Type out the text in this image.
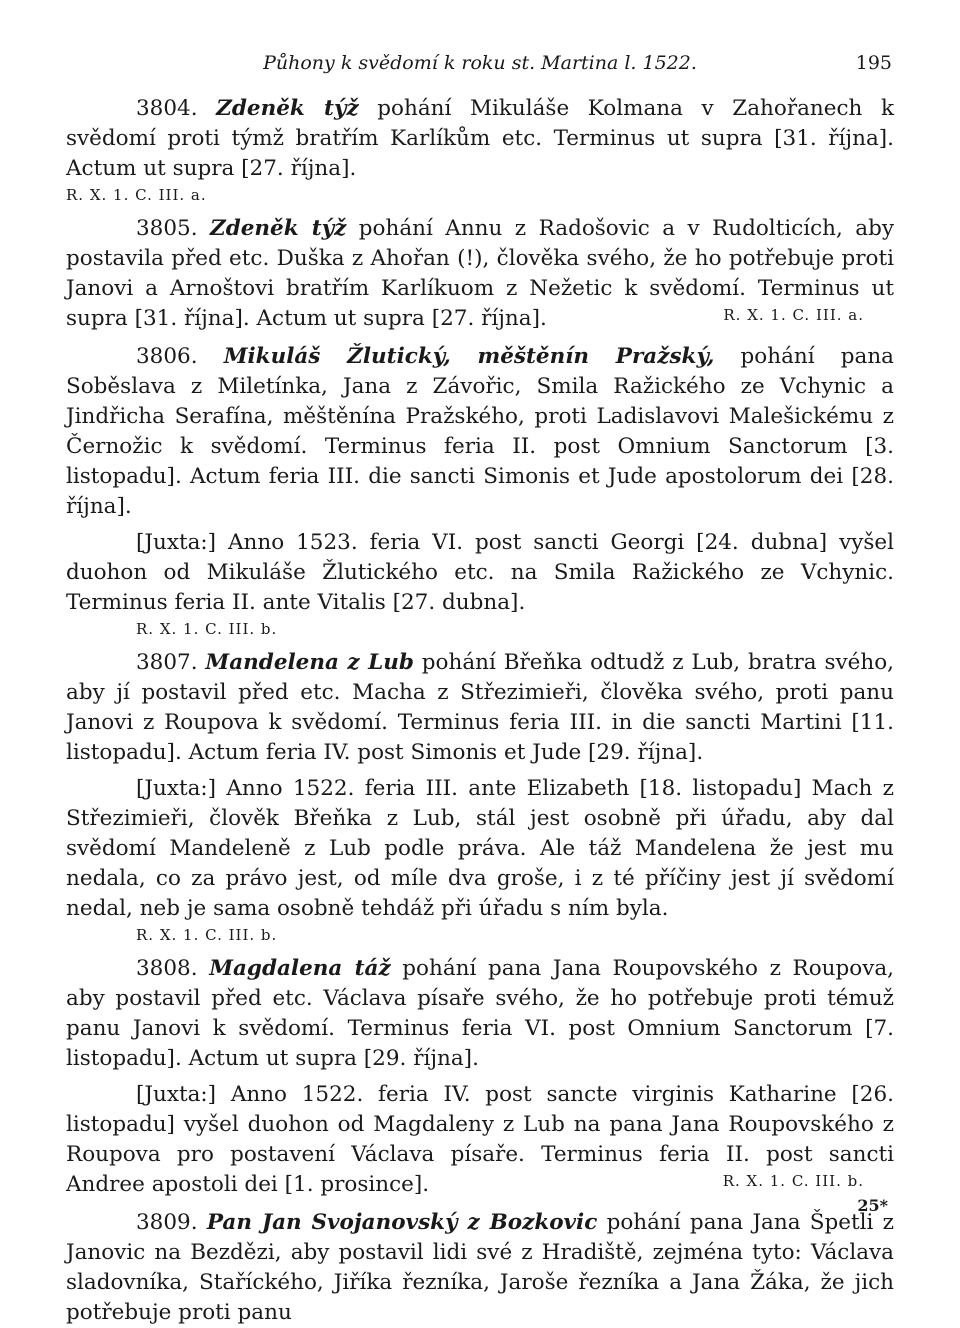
Půhony k svědomí k roku st. Martina l. 1522.	195

3804. Zdeněk týž pohání Mikuláše Kolmana v Zahořanech k svědomí proti týmž bratřím Karlíkům etc. Terminus ut supra [31. října]. Actum ut supra [27. října].

R. X. 1. C. III. a.

3805. Zdeněk týž pohání Annu z Radošovic a v Rudolticích, aby postavila před etc. Duška z Ahořan (!), člověka svého, že ho potřebuje proti Janovi a Arnoštovi bratřím Karlíkuom z Nežetic k svědomí. Terminus ut supra [31. října]. Actum ut supra [27. října].	R. X. 1. C. III. a.

3806. Mikuláš Žlutický, měštěnín Pražský, pohání pana Soběslava z Miletínka, Jana z Závořic, Smila Ražického ze Vchynic a Jindřicha Serafína, měštěnína Pražského, proti Ladislavovi Malešickému z Černožic k svědomí. Terminus feria II. post Omnium Sanctorum [3. listopadu]. Actum feria III. die sancti Simonis et Jude apostolorum dei [28. října].

[Juxta:] Anno 1523. feria VI. post sancti Georgi [24. dubna] vyšel duohon od Mikuláše Žlutického etc. na Smila Ražického ze Vchynic. Terminus feria II. ante Vitalis [27. dubna].

R. X. 1. C. III. b.

3807. Mandelena z Lub pohání Břeňka odtudž z Lub, bratra svého, aby jí postavil před etc. Macha z Střezimieři, člověka svého, proti panu Janovi z Roupova k svědomí. Terminus feria III. in die sancti Martini [11. listopadu]. Actum feria IV. post Simonis et Jude [29. října].

[Juxta:] Anno 1522. feria III. ante Elizabeth [18. listopadu] Mach z Střezimieři, člověk Břeňka z Lub, stál jest osobně při úřadu, aby dal svědomí Mandeleně z Lub podle práva. Ale táž Mandelena že jest mu nedala, co za právo jest, od míle dva groše, i z té příčiny jest jí svědomí nedal, neb je sama osobně tehdáž při úřadu s ním byla.

R. X. 1. C. III. b.

3808. Magdalena táž pohání pana Jana Roupovského z Roupova, aby postavil před etc. Václava písaře svého, že ho potřebuje proti témuž panu Janovi k svědomí. Terminus feria VI. post Omnium Sanctorum [7. listopadu]. Actum ut supra [29. října].

[Juxta:] Anno 1522. feria IV. post sancte virginis Katharine [26. listopadu] vyšel duohon od Magdaleny z Lub na pana Jana Roupovského z Roupova pro postavení Václava písaře. Terminus feria II. post sancti Andree apostoli dei [1. prosince].	R. X. 1. C. III. b.

3809. Pan Jan Svojanovský z Bozkovic pohání pana Jana Špetli z Janovic na Bezdězi, aby postavil lidi své z Hradiště, zejména tyto: Václava sladovníka, Staříckého, Jiříka řezníka, Jaroše řezníka a Jana Žáka, že jich potřebuje proti panu

25*
